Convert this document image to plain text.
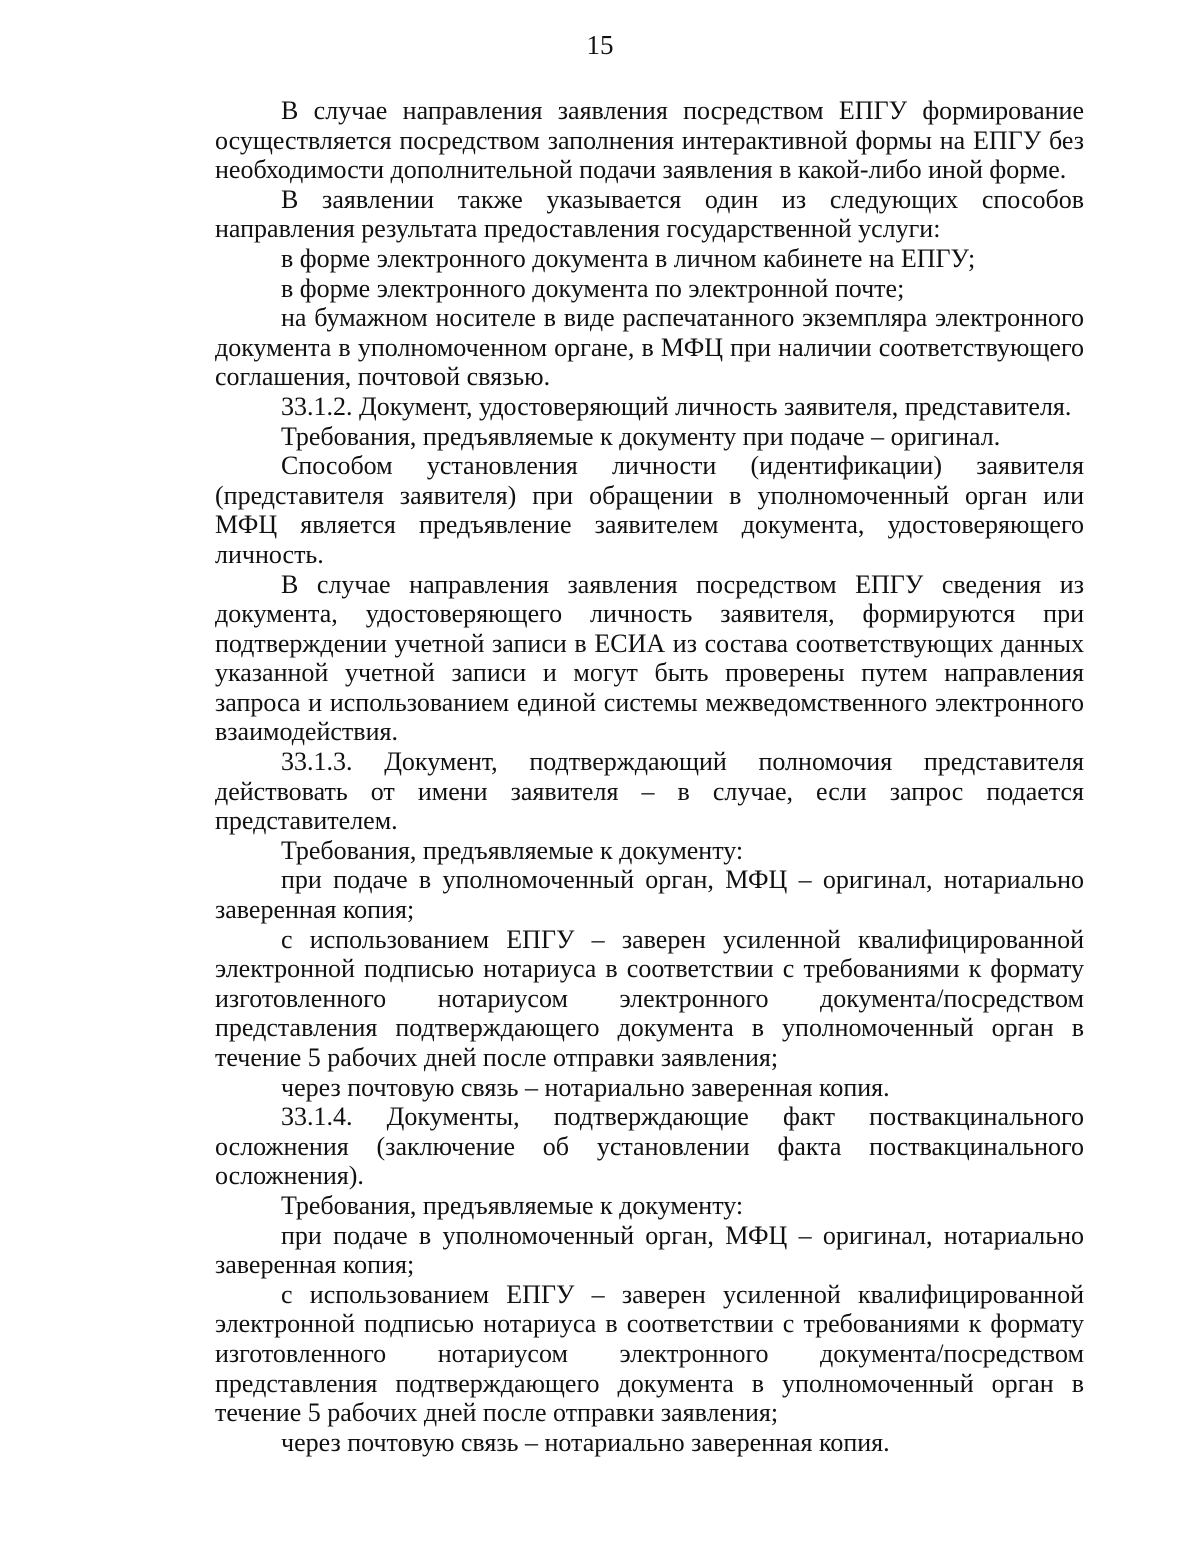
15

В случае направления заявления посредством ЕПГУ формирование осуществляется посредством заполнения интерактивной формы на ЕПГУ без необходимости дополнительной подачи заявления в какой-либо иной форме.

В заявлении также указывается один из следующих способов направления результата предоставления государственной услуги:

в форме электронного документа в личном кабинете на ЕПГУ;

в форме электронного документа по электронной почте;

на бумажном носителе в виде распечатанного экземпляра электронного документа в уполномоченном органе, в МФЦ при наличии соответствующего соглашения, почтовой связью.

33.1.2. Документ, удостоверяющий личность заявителя, представителя.

Требования, предъявляемые к документу при подаче – оригинал.

Способом установления личности (идентификации) заявителя (представителя заявителя) при обращении в уполномоченный орган или МФЦ является предъявление заявителем документа, удостоверяющего личность.

В случае направления заявления посредством ЕПГУ сведения из документа, удостоверяющего личность заявителя, формируются при подтверждении учетной записи в ЕСИА из состава соответствующих данных указанной учетной записи и могут быть проверены путем направления запроса и использованием единой системы межведомственного электронного взаимодействия.

33.1.3. Документ, подтверждающий полномочия представителя действовать от имени заявителя – в случае, если запрос подается представителем.

Требования, предъявляемые к документу:

при подаче в уполномоченный орган, МФЦ – оригинал, нотариально заверенная копия;

с использованием ЕПГУ – заверен усиленной квалифицированной электронной подписью нотариуса в соответствии с требованиями к формату изготовленного нотариусом электронного документа/посредством представления подтверждающего документа в уполномоченный орган в течение 5 рабочих дней после отправки заявления;

через почтовую связь – нотариально заверенная копия.

33.1.4. Документы, подтверждающие факт поствакцинального осложнения (заключение об установлении факта поствакцинального осложнения).

Требования, предъявляемые к документу:

при подаче в уполномоченный орган, МФЦ – оригинал, нотариально заверенная копия;

с использованием ЕПГУ – заверен усиленной квалифицированной электронной подписью нотариуса в соответствии с требованиями к формату изготовленного нотариусом электронного документа/посредством представления подтверждающего документа в уполномоченный орган в течение 5 рабочих дней после отправки заявления;

через почтовую связь – нотариально заверенная копия.
